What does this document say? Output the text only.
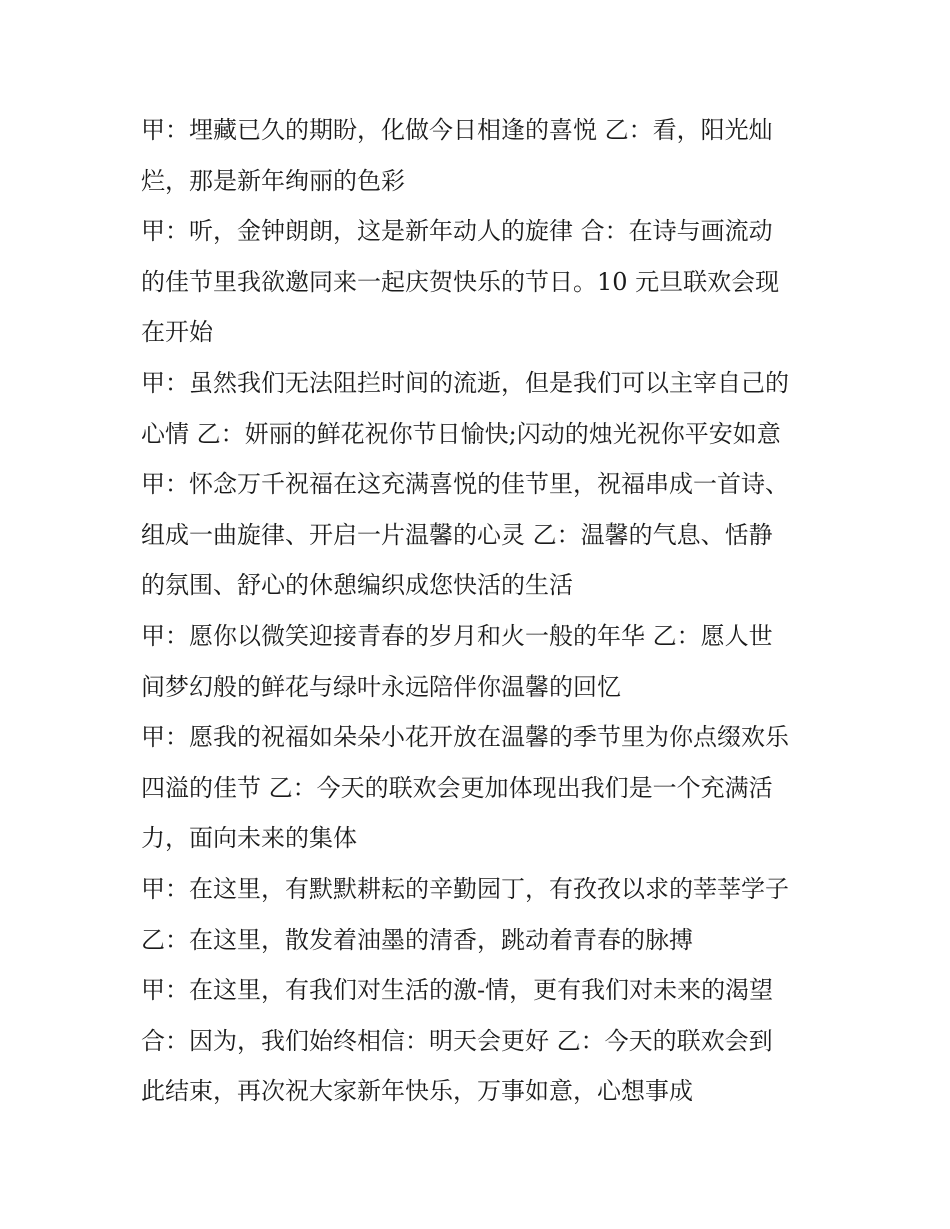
甲：埋藏已久的期盼，化做今日相逢的喜悦 乙：看，阳光灿
烂，那是新年绚丽的色彩
甲：听，金钟朗朗，这是新年动人的旋律 合：在诗与画流动
的佳节里我欲邀同来一起庆贺快乐的节日。10 元旦联欢会现
在开始
甲：虽然我们无法阻拦时间的流逝，但是我们可以主宰自己的
心情 乙：妍丽的鲜花祝你节日愉快;闪动的烛光祝你平安如意
甲：怀念万千祝福在这充满喜悦的佳节里，祝福串成一首诗、
组成一曲旋律、开启一片温馨的心灵 乙：温馨的气息、恬静
的氛围、舒心的休憩编织成您快活的生活
甲：愿你以微笑迎接青春的岁月和火一般的年华 乙：愿人世
间梦幻般的鲜花与绿叶永远陪伴你温馨的回忆
甲：愿我的祝福如朵朵小花开放在温馨的季节里为你点缀欢乐
四溢的佳节 乙：今天的联欢会更加体现出我们是一个充满活
力，面向未来的集体
甲：在这里，有默默耕耘的辛勤园丁，有孜孜以求的莘莘学子
乙：在这里，散发着油墨的清香，跳动着青春的脉搏
甲：在这里，有我们对生活的激-情，更有我们对未来的渴望
合：因为，我们始终相信：明天会更好 乙：今天的联欢会到
此结束，再次祝大家新年快乐，万事如意，心想事成
